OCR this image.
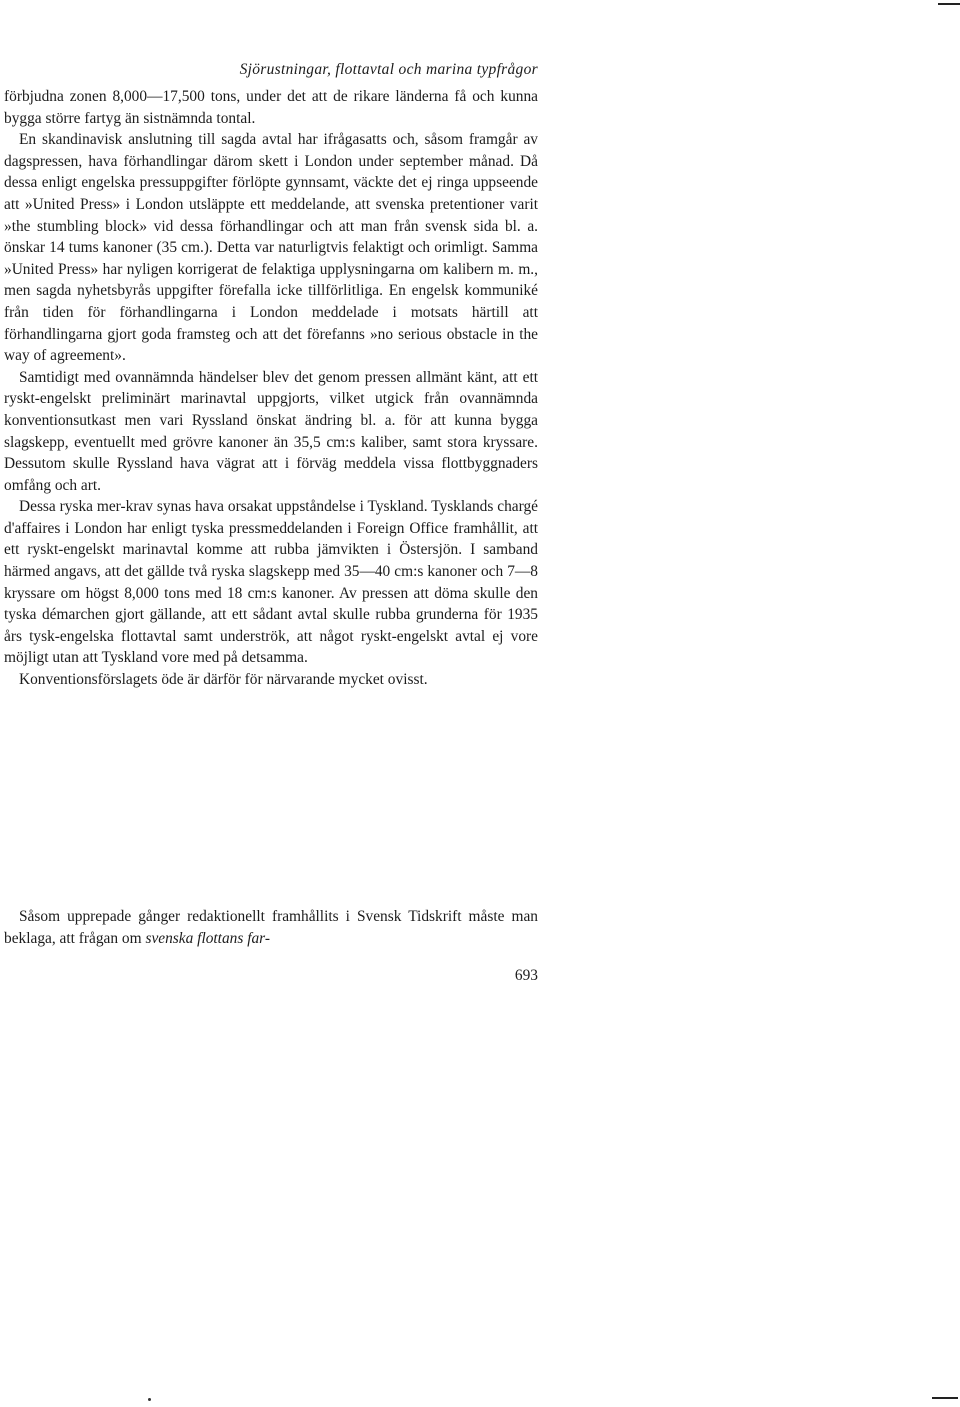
Sjörustningar, flottavtal och marina typfrågor

förbjudna zonen 8,000—17,500 tons, under det att de rikare länderna få och kunna bygga större fartyg än sistnämnda tontal.

En skandinavisk anslutning till sagda avtal har ifrågasatts och, såsom framgår av dagspressen, hava förhandlingar därom skett i London under september månad. Då dessa enligt engelska pressuppgifter förlöpte gynnsamt, väckte det ej ringa uppseende att »United Press» i London utsläppte ett meddelande, att svenska pretentioner varit »the stumbling block» vid dessa förhandlingar och att man från svensk sida bl. a. önskar 14 tums kanoner (35 cm.). Detta var naturligtvis felaktigt och orimligt. Samma »United Press» har nyligen korrigerat de felaktiga upplysningarna om kalibern m. m., men sagda nyhetsbyrås uppgifter förefalla icke tillförlitliga. En engelsk kommuniké från tiden för förhandlingarna i London meddelade i motsats härtill att förhandlingarna gjort goda framsteg och att det förefanns »no serious obstacle in the way of agreement».

Samtidigt med ovannämnda händelser blev det genom pressen allmänt känt, att ett ryskt-engelskt preliminärt marinavtal uppgjorts, vilket utgick från ovannämnda konventionsutkast men vari Ryssland önskat ändring bl. a. för att kunna bygga slagskepp, eventuellt med grövre kanoner än 35,5 cm:s kaliber, samt stora kryssare. Dessutom skulle Ryssland hava vägrat att i förväg meddela vissa flottbyggnaders omfång och art.

Dessa ryska mer-krav synas hava orsakat uppståndelse i Tyskland. Tysklands chargé d'affaires i London har enligt tyska pressmeddelanden i Foreign Office framhållit, att ett ryskt-engelskt marinavtal komme att rubba jämvikten i Östersjön. I samband härmed angavs, att det gällde två ryska slagskepp med 35—40 cm:s kanoner och 7—8 kryssare om högst 8,000 tons med 18 cm:s kanoner. Av pressen att döma skulle den tyska démarchen gjort gällande, att ett sådant avtal skulle rubba grunderna för 1935 års tysk-engelska flottavtal samt underströk, att något ryskt-engelskt avtal ej vore möjligt utan att Tyskland vore med på detsamma.

Konventionsförslagets öde är därför för närvarande mycket ovisst.

Såsom upprepade gånger redaktionellt framhållits i Svensk Tidskrift måste man beklaga, att frågan om svenska flottans far-

693
